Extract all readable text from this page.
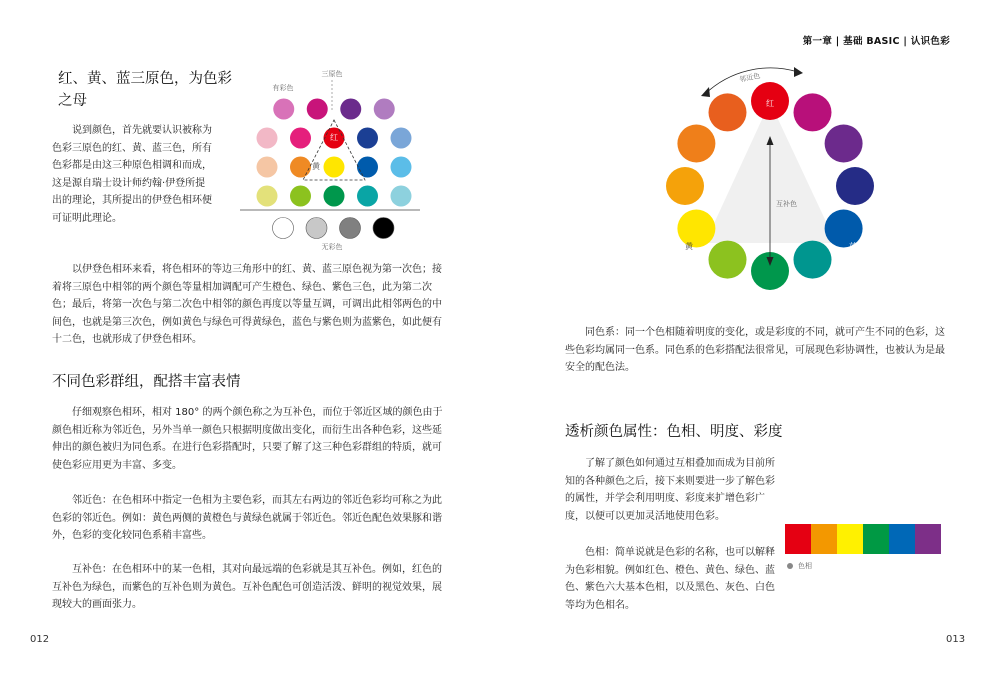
第一章 | 基础 BASIC | 认识色彩
红、黄、蓝三原色，为色彩之母
说到颜色，首先就要认识被称为色彩三原色的红、黄、蓝三色，所有色彩都是由这三种原色相调和而成，这是源自瑞士设计师约翰·伊登所提出的理论，其所提出的伊登色相环便可证明此理论。
三原色
有彩色
红
黄	蓝
无彩色
以伊登色相环来看，将色相环的等边三角形中的红、黄、蓝三原色视为第一次色；接着将三原色中相邻的两个颜色等量相加调配可产生橙色、绿色、紫色三色，此为第二次色；最后，将第一次色与第二次色中相邻的颜色再度以等量互调，可调出此相邻两色的中间色，也就是第三次色，例如黄色与绿色可得黄绿色，蓝色与紫色则为蓝紫色，如此便有十二色，也就形成了伊登色相环。
不同色彩群组，配搭丰富表情
仔细观察色相环，相对 180° 的两个颜色称之为互补色，而位于邻近区域的颜色由于颜色相近称为邻近色，另外当单一颜色只根据明度做出变化，而衍生出各种色彩，这些延伸出的颜色被归为同色系。在进行色彩搭配时，只要了解了这三种色彩群组的特质，就可使色彩应用更为丰富、多变。
邻近色：在色相环中指定一色相为主要色彩，而其左右两边的邻近色彩均可称之为此色彩的邻近色。例如：黄色两侧的黄橙色与黄绿色就属于邻近色。邻近色配色效果豚和谐外，色彩的变化较同色系稍丰富些。
互补色：在色相环中的某一色相，其对向最远端的色彩就是其互补色。例如，红色的互补色为绿色，而紫色的互补色则为黄色。互补色配色可创造活泼、鲜明的视觉效果，展现较大的画面张力。
012
互补色
邻近色
红
黄	蓝
同色系：同一个色相随着明度的变化，或是彩度的不同，就可产生不同的色彩，这些色彩均属同一色系。同色系的色彩搭配法很常见，可展现色彩协调性，也被认为是最安全的配色法。
透析颜色属性：色相、明度、彩度
了解了颜色如何通过互相叠加而成为目前所知的各种颜色之后，接下来则要进一步了解色彩的属性，并学会利用明度、彩度来扩增色彩广度，以便可以更加灵活地使用色彩。
色相：简单说就是色彩的名称，也可以解释为色彩相貌。例如红色、橙色、黄色、绿色、蓝色、紫色六大基本色相，以及黑色、灰色、白色等均为色相名。
色相
013
